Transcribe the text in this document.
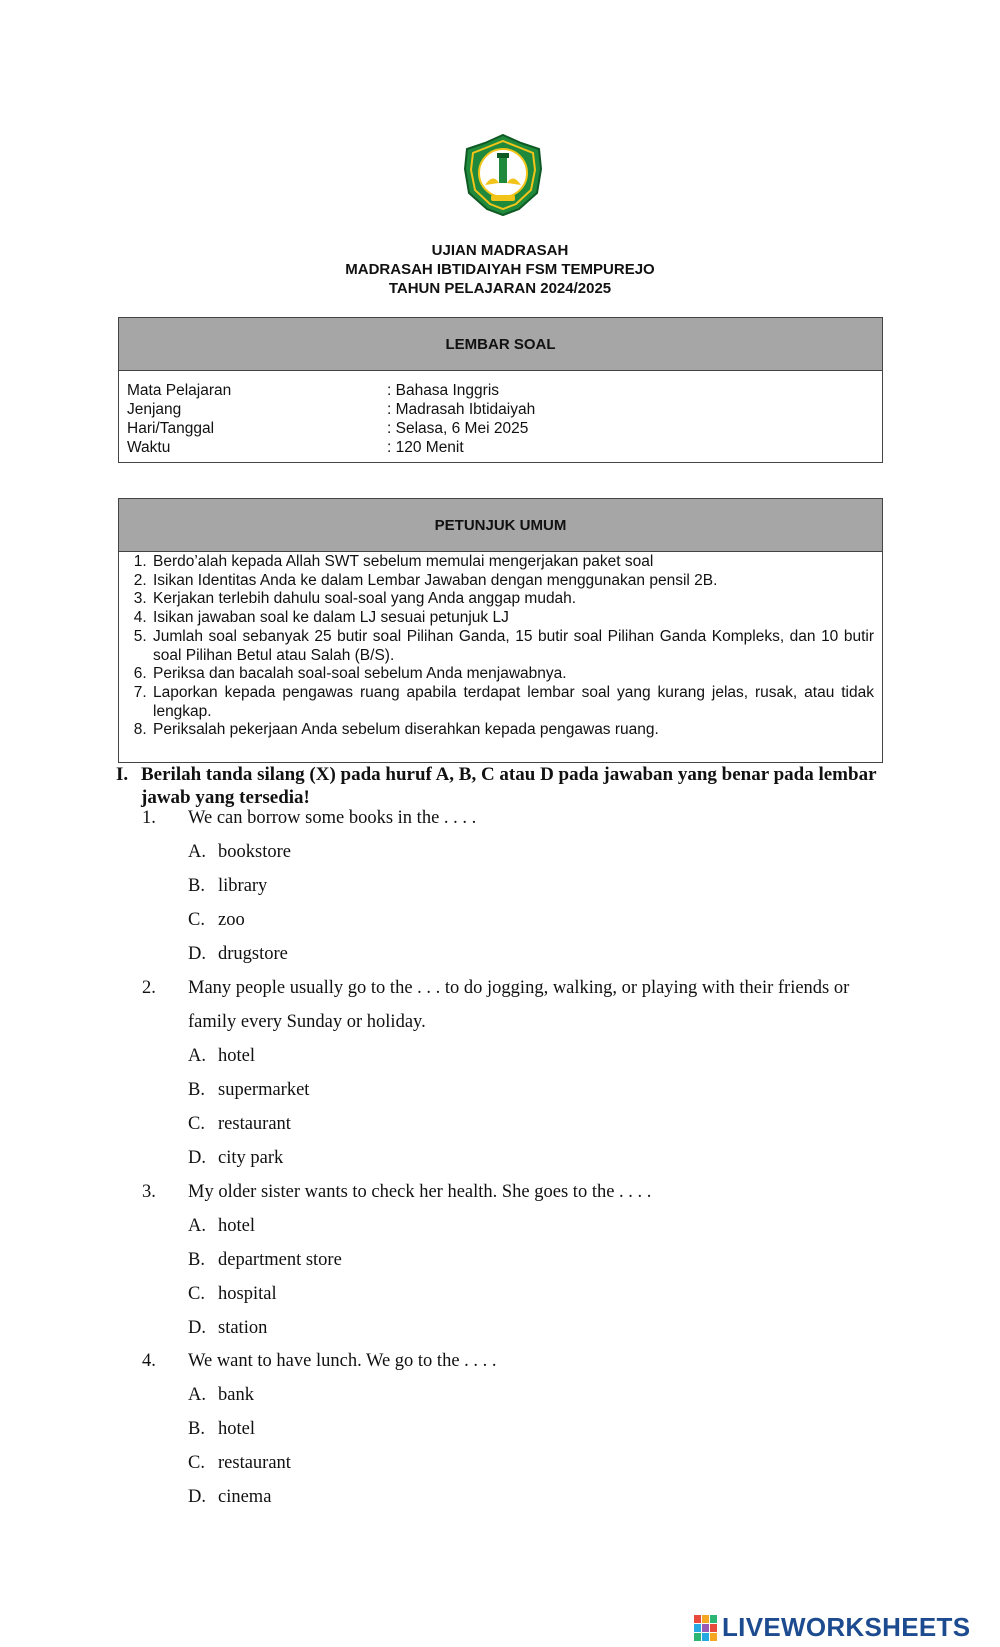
UJIAN MADRASAH
MADRASAH IBTIDAIYAH FSM TEMPUREJO
TAHUN PELAJARAN 2024/2025
LEMBAR SOAL
Mata Pelajaran	: Bahasa Inggris
Jenjang	: Madrasah Ibtidaiyah
Hari/Tanggal	: Selasa, 6 Mei 2025
Waktu	: 120 Menit
PETUNJUK UMUM
1. Berdo’alah kepada Allah SWT sebelum memulai mengerjakan paket soal
2. Isikan Identitas Anda ke dalam Lembar Jawaban dengan menggunakan pensil 2B.
3. Kerjakan terlebih dahulu soal-soal yang Anda anggap mudah.
4. Isikan jawaban soal ke dalam LJ sesuai petunjuk LJ
5. Jumlah soal sebanyak 25 butir soal Pilihan Ganda, 15 butir soal Pilihan Ganda Kompleks, dan 10 butir soal Pilihan Betul atau Salah (B/S).
6. Periksa dan bacalah soal-soal sebelum Anda menjawabnya.
7. Laporkan kepada pengawas ruang apabila terdapat lembar soal yang kurang jelas, rusak, atau tidak lengkap.
8. Periksalah pekerjaan Anda sebelum diserahkan kepada pengawas ruang.
I. Berilah tanda silang (X) pada huruf A, B, C atau D pada jawaban yang benar pada lembar jawab yang tersedia!
1. We can borrow some books in the . . . .
A. bookstore
B. library
C. zoo
D. drugstore
2. Many people usually go to the . . . to do jogging, walking, or playing with their friends or family every Sunday or holiday.
A. hotel
B. supermarket
C. restaurant
D. city park
3. My older sister wants to check her health. She goes to the . . . .
A. hotel
B. department store
C. hospital
D. station
4. We want to have lunch. We go to the . . . .
A. bank
B. hotel
C. restaurant
D. cinema
LIVEWORKSHEETS
